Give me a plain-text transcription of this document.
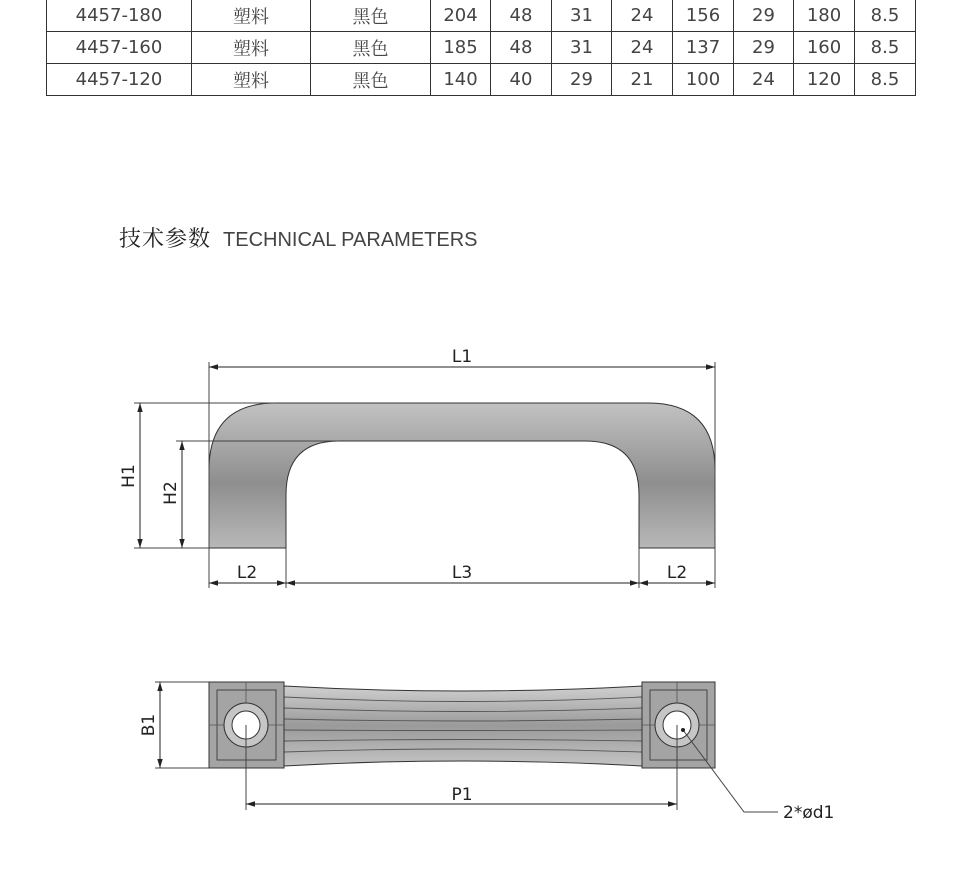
4457-180	塑料	黑色	204	48	31	24	156	29	180	8.5
4457-160	塑料	黑色	185	48	31	24	137	29	160	8.5
4457-120	塑料	黑色	140	40	29	21	100	24	120	8.5
技术参数 TECHNICAL PARAMETERS
L1
H1
H2
L2	L3	L2
B1
P1
2*ød1
